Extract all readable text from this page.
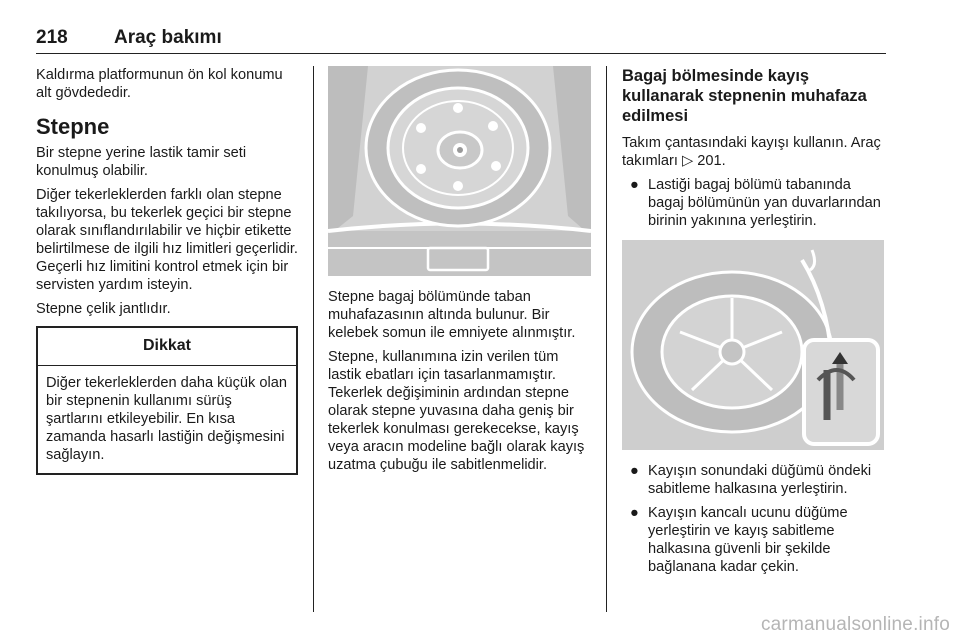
218 Araç bakımı

Kaldırma platformunun ön kol konumu alt gövdededir.

Stepne

Bir stepne yerine lastik tamir seti konulmuş olabilir.

Diğer tekerleklerden farklı olan stepne takılıyorsa, bu tekerlek geçici bir stepne olarak sınıflandırılabilir ve hiçbir etikette belirtilmese de ilgili hız limitleri geçerlidir. Geçerli hız limitini kontrol etmek için bir servisten yardım isteyin.

Stepne çelik jantlıdır.

Dikkat
Diğer tekerleklerden daha küçük olan bir stepnenin kullanımı sürüş şartlarını etkileyebilir. En kısa zamanda hasarlı lastiğin değişmesini sağlayın.

Stepne bagaj bölümünde taban muhafazasının altında bulunur. Bir kelebek somun ile emniyete alınmıştır.

Stepne, kullanımına izin verilen tüm lastik ebatları için tasarlanmamıştır. Tekerlek değişiminin ardından stepne olarak stepne yuvasına daha geniş bir tekerlek konulması gerekecekse, kayış veya aracın modeline bağlı olarak kayış uzatma çubuğu ile sabitlenmelidir.

Bagaj bölmesinde kayış kullanarak stepnenin muhafaza edilmesi

Takım çantasındaki kayışı kullanın. Araç takımları ▷ 201.

● Lastiği bagaj bölümü tabanında bagaj bölümünün yan duvarlarından birinin yakınına yerleştirin.
● Kayışın sonundaki düğümü öndeki sabitleme halkasına yerleştirin.
● Kayışın kancalı ucunu düğüme yerleştirin ve kayış sabitleme halkasına güvenli bir şekilde bağlanana kadar çekin.
carmanualsonline.info
